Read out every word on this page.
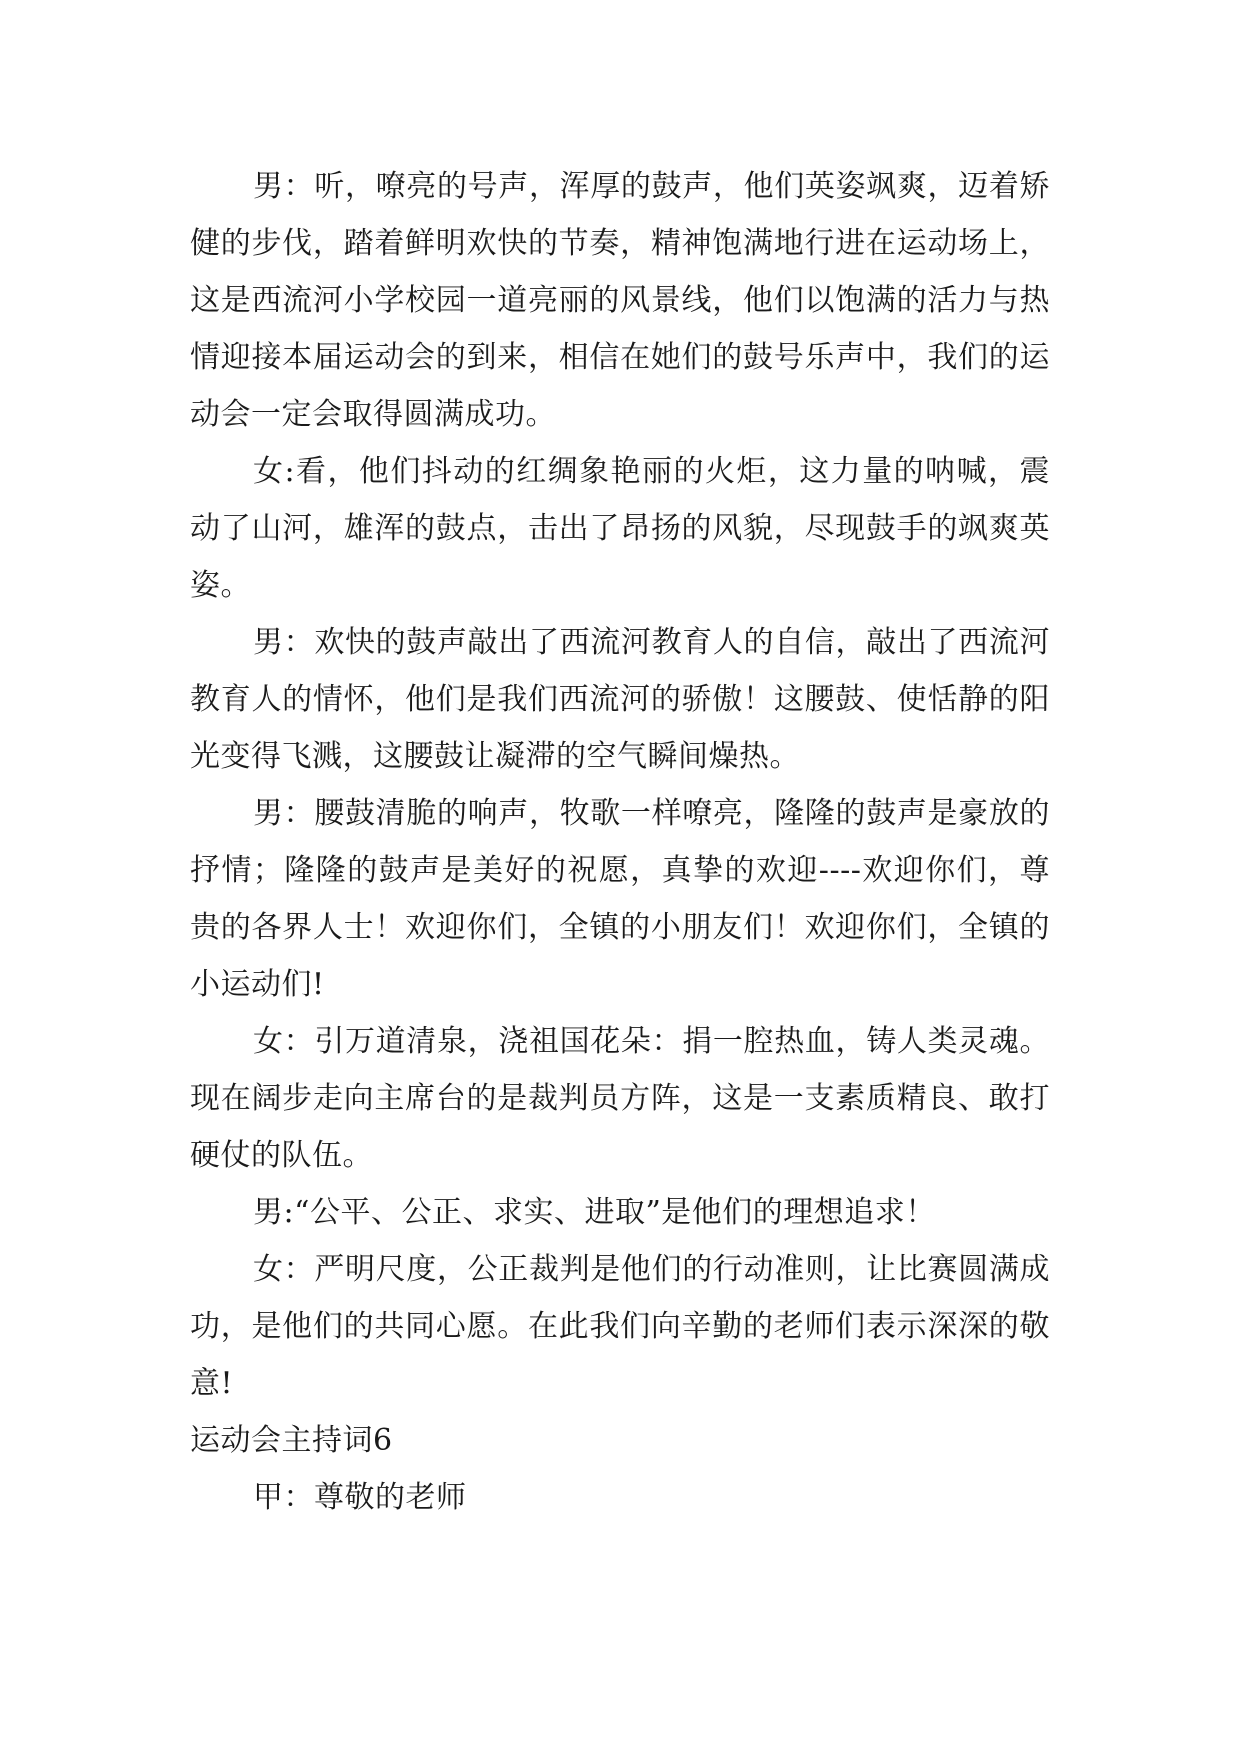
男：听，嘹亮的号声，浑厚的鼓声，他们英姿飒爽，迈着矫健的步伐，踏着鲜明欢快的节奏，精神饱满地行进在运动场上，这是西流河小学校园一道亮丽的风景线，他们以饱满的活力与热情迎接本届运动会的到来，相信在她们的鼓号乐声中，我们的运动会一定会取得圆满成功。

女:看，他们抖动的红绸象艳丽的火炬，这力量的呐喊，震动了山河，雄浑的鼓点，击出了昂扬的风貌，尽现鼓手的飒爽英姿。

男：欢快的鼓声敲出了西流河教育人的自信，敲出了西流河教育人的情怀，他们是我们西流河的骄傲！这腰鼓、使恬静的阳光变得飞溅，这腰鼓让凝滞的空气瞬间燥热。

男：腰鼓清脆的响声，牧歌一样嘹亮，隆隆的鼓声是豪放的抒情；隆隆的鼓声是美好的祝愿，真挚的欢迎----欢迎你们，尊贵的各界人士！欢迎你们，全镇的小朋友们！欢迎你们，全镇的小运动们!

女：引万道清泉，浇祖国花朵：捐一腔热血，铸人类灵魂。现在阔步走向主席台的是裁判员方阵，这是一支素质精良、敢打硬仗的队伍。

男:“公平、公正、求实、进取”是他们的理想追求！

女：严明尺度，公正裁判是他们的行动准则，让比赛圆满成功，是他们的共同心愿。在此我们向辛勤的老师们表示深深的敬意!

运动会主持词6

甲：尊敬的老师
